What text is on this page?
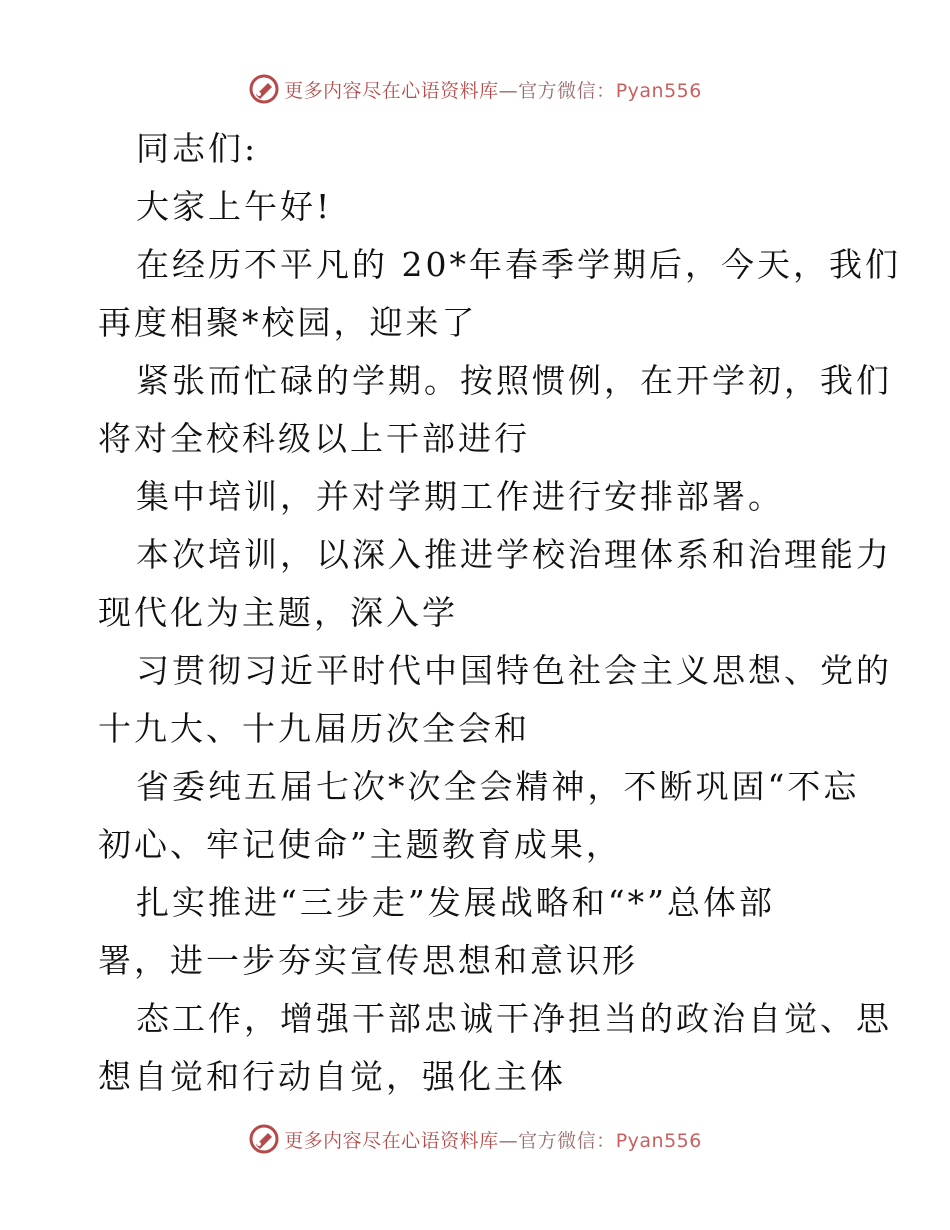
更多内容尽在心语资料库—官方微信：Pyan556
同志们:
大家上午好!
在经历不平凡的 20*年春季学期后，今天，我们
再度相聚*校园，迎来了
紧张而忙碌的学期。按照惯例，在开学初，我们
将对全校科级以上干部进行
集中培训，并对学期工作进行安排部署。
本次培训，以深入推进学校治理体系和治理能力
现代化为主题，深入学
习贯彻习近平时代中国特色社会主义思想、党的
十九大、十九届历次全会和
省委纯五届七次*次全会精神，不断巩固“不忘
初心、牢记使命”主题教育成果，
扎实推进“三步走”发展战略和“*”总体部
署，进一步夯实宣传思想和意识形
态工作，增强干部忠诚干净担当的政治自觉、思
想自觉和行动自觉，强化主体
更多内容尽在心语资料库—官方微信：Pyan556
